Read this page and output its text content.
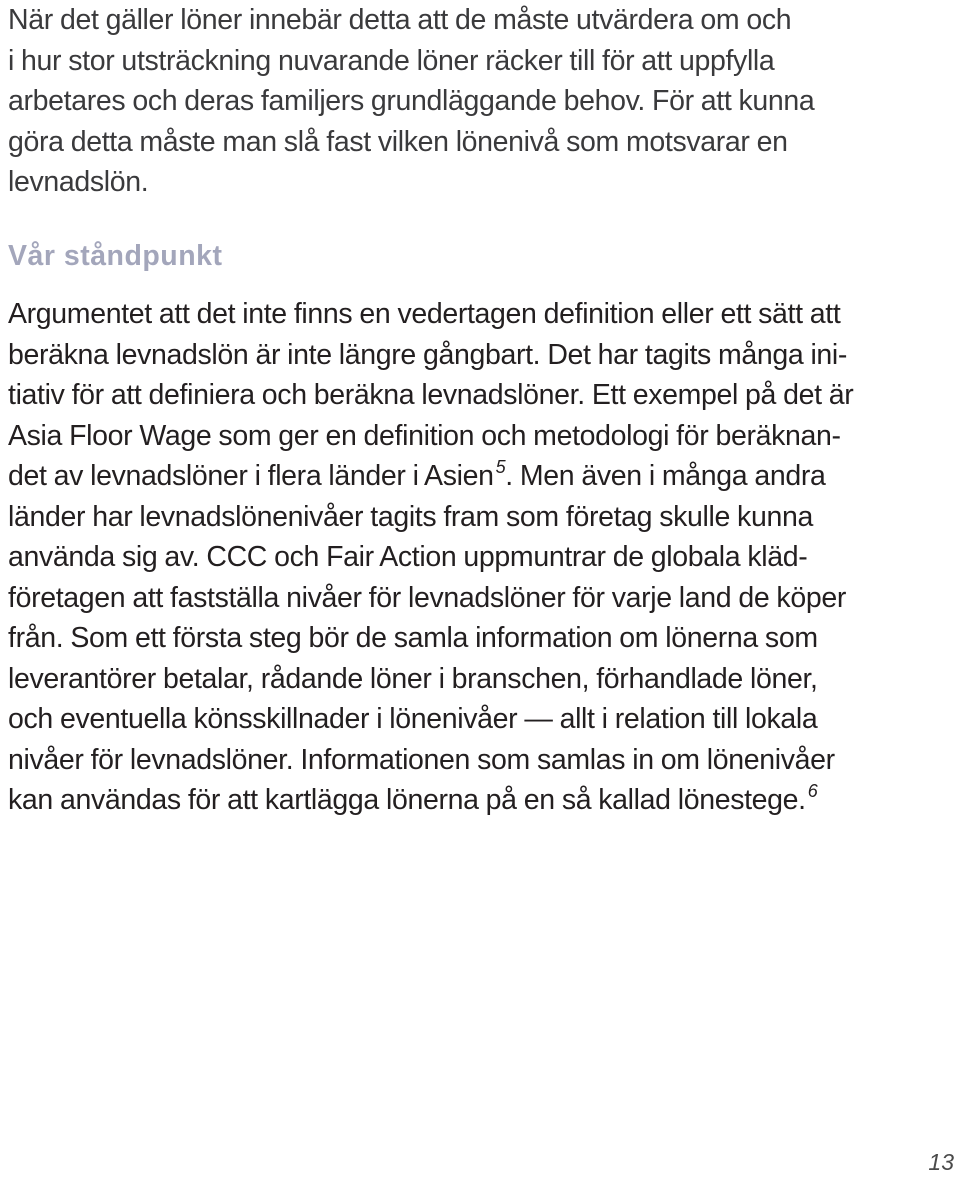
När det gäller löner innebär detta att de måste utvärdera om och
i hur stor utsträckning nuvarande löner räcker till för att uppfylla
arbetares och deras familjers grundläggande behov. För att kunna
göra detta måste man slå fast vilken lönenivå som motsvarar en
levnadslön.

Vår ståndpunkt

Argumentet att det inte finns en vedertagen definition eller ett sätt att
beräkna levnadslön är inte längre gångbart. Det har tagits många ini-
tiativ för att definiera och beräkna levnadslöner. Ett exempel på det är
Asia Floor Wage som ger en definition och metodologi för beräknan-
det av levnadslöner i flera länder i Asien $^5$. Men även i många andra
länder har levnadslönenivåer tagits fram som företag skulle kunna
använda sig av. CCC och Fair Action uppmuntrar de globala kläd-
företagen att fastställa nivåer för levnadslöner för varje land de köper
från. Som ett första steg bör de samla information om lönerna som
leverantörer betalar, rådande löner i branschen, förhandlade löner,
och eventuella könsskillnader i lönenivåer — allt i relation till lokala
nivåer för levnadslöner. Informationen som samlas in om lönenivåer
kan användas för att kartlägga lönerna på en så kallad lönestege. $^6$

13
